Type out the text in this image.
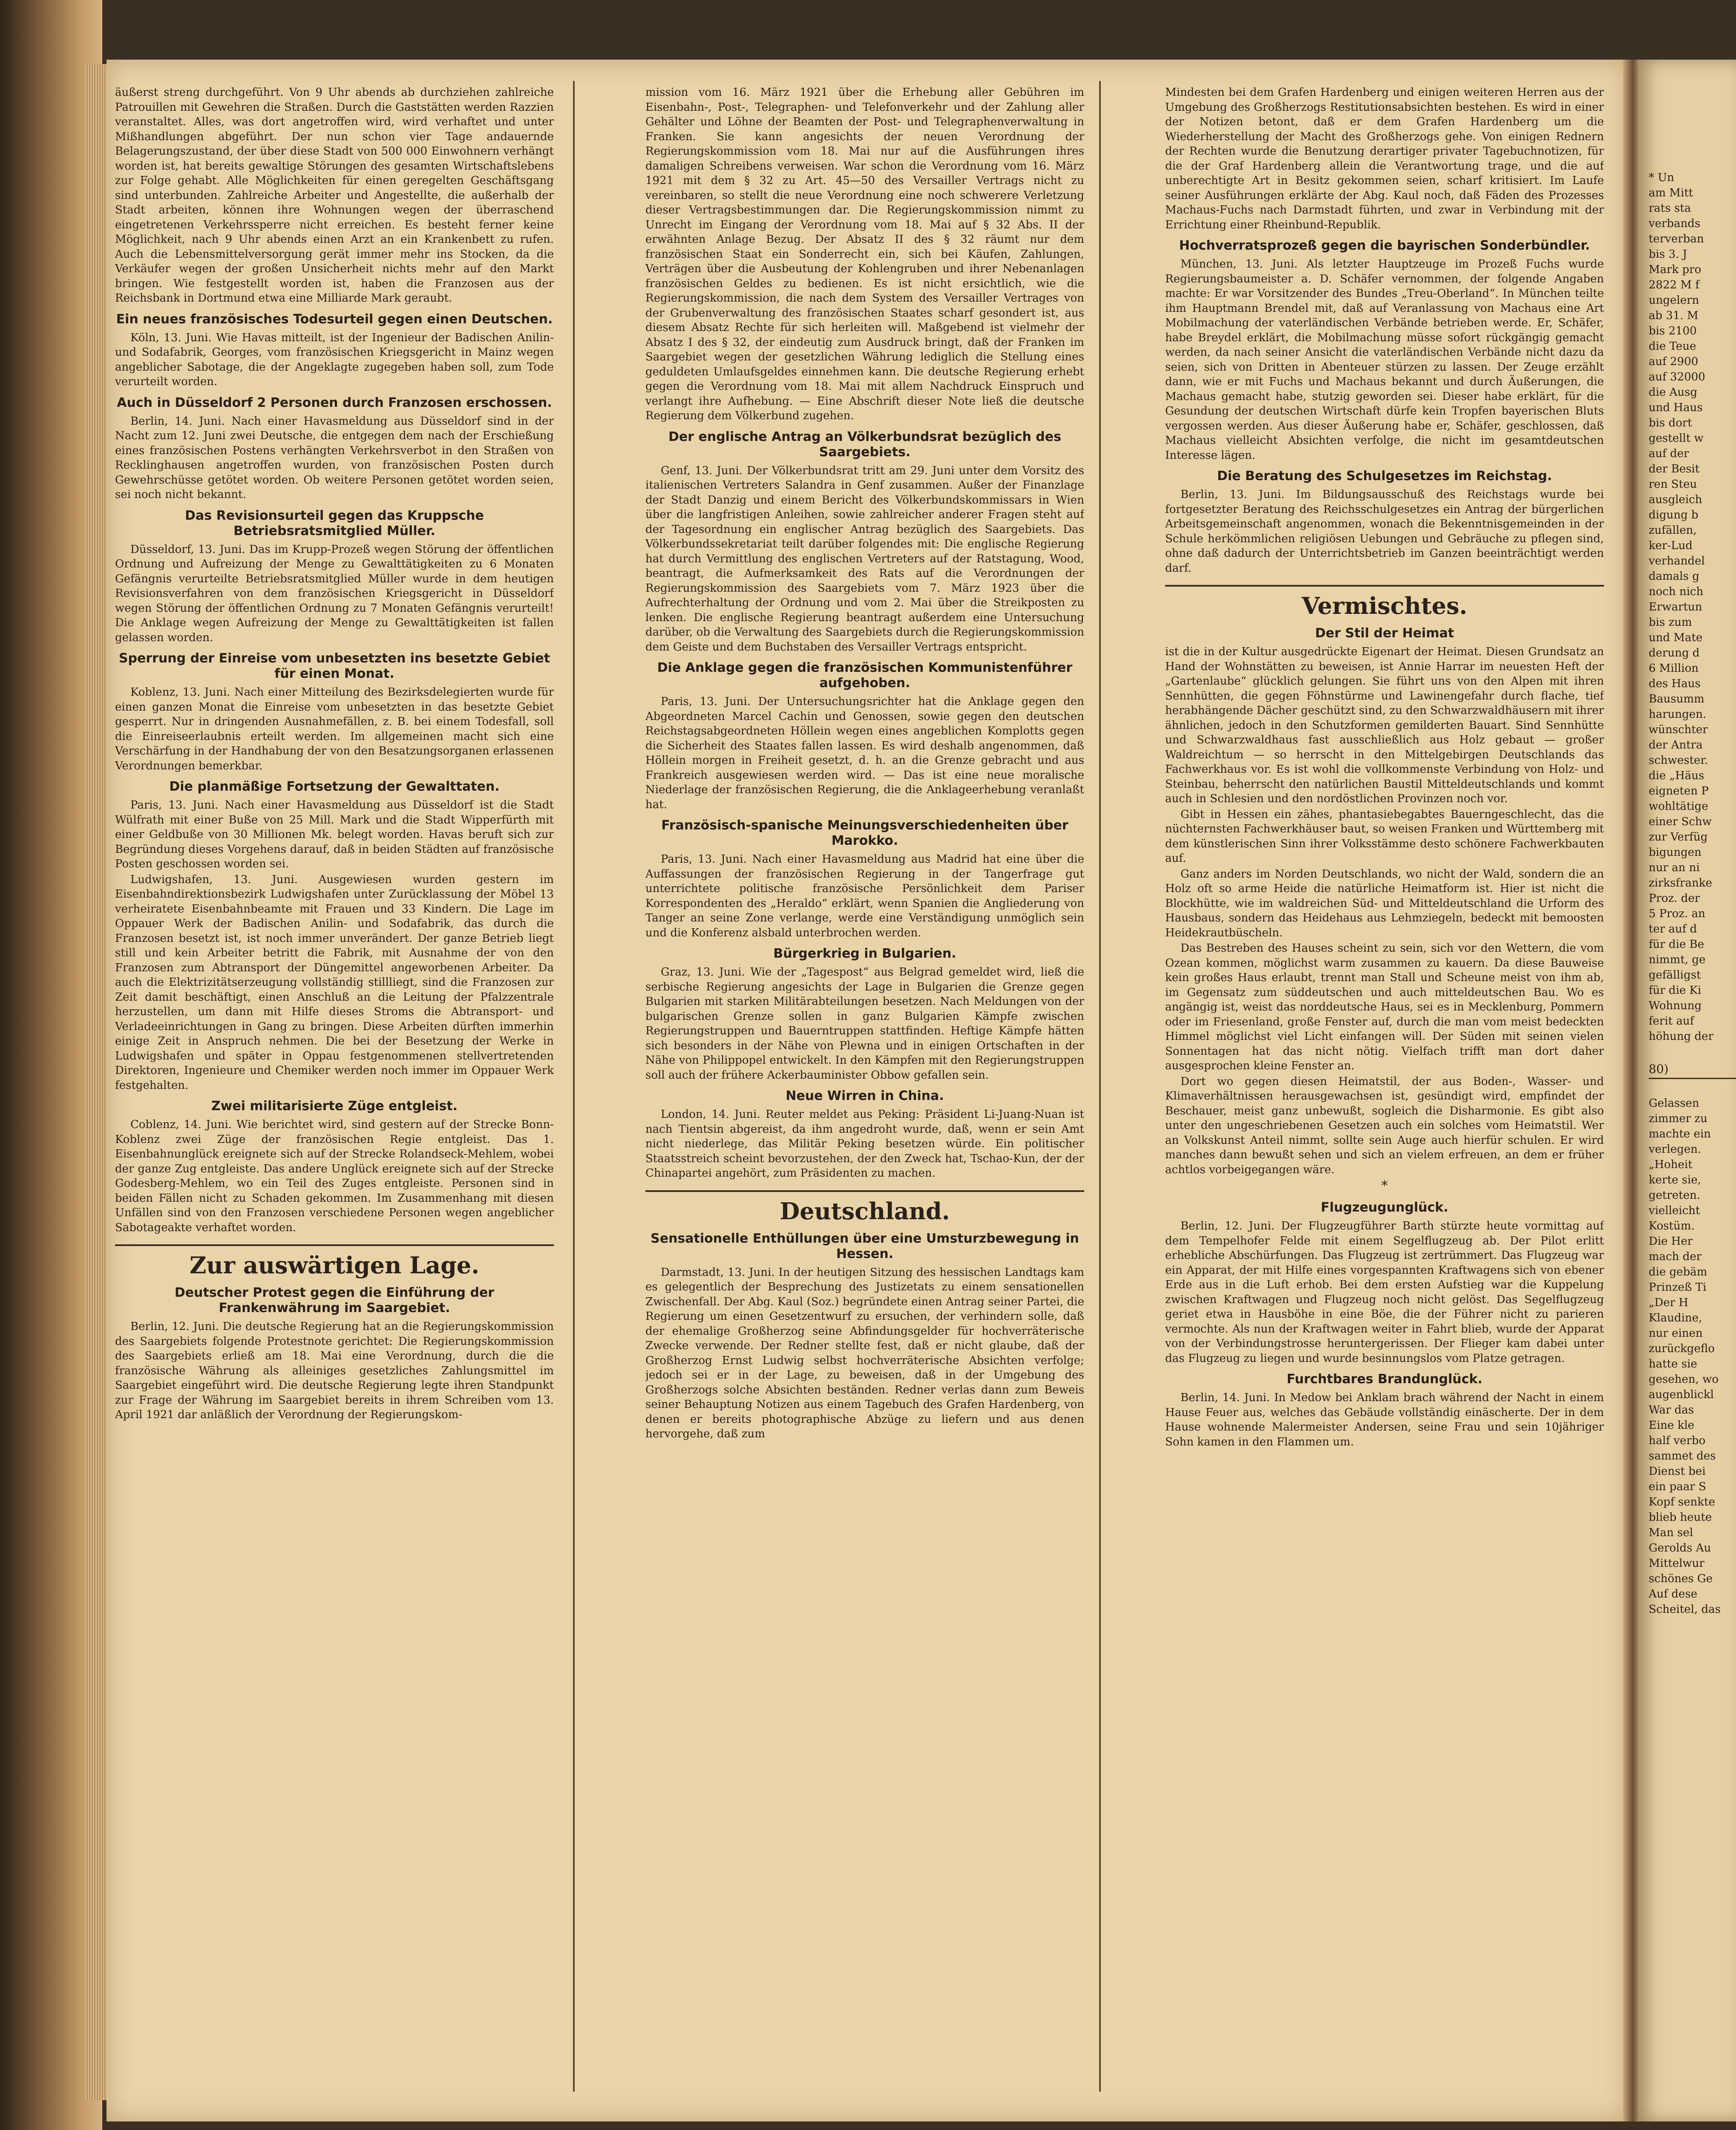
äußerst streng durchgeführt. Von 9 Uhr abends ab durchziehen zahlreiche Patrouillen mit Gewehren die Straßen. Durch die Gaststätten werden Razzien veranstaltet. Alles, was dort angetroffen wird, wird verhaftet und unter Mißhandlungen abgeführt. Der nun schon vier Tage andauernde Belagerungszustand, der über diese Stadt von 500 000 Einwohnern verhängt worden ist, hat bereits gewaltige Störungen des gesamten Wirtschaftslebens zur Folge gehabt. Alle Möglichkeiten für einen geregelten Geschäftsgang sind unterbunden. Zahlreiche Arbeiter und Angestellte, die außerhalb der Stadt arbeiten, können ihre Wohnungen wegen der überraschend eingetretenen Verkehrssperre nicht erreichen. Es besteht ferner keine Möglichkeit, nach 9 Uhr abends einen Arzt an ein Krankenbett zu rufen. Auch die Lebensmittelversorgung gerät immer mehr ins Stocken, da die Verkäufer wegen der großen Unsicherheit nichts mehr auf den Markt bringen. Wie festgestellt worden ist, haben die Franzosen aus der Reichsbank in Dortmund etwa eine Milliarde Mark geraubt.

Ein neues französisches Todesurteil gegen einen Deutschen.

Köln, 13. Juni. Wie Havas mitteilt, ist der Ingenieur der Badischen Anilin- und Sodafabrik, Georges, vom französischen Kriegsgericht in Mainz wegen angeblicher Sabotage, die der Angeklagte zugegeben haben soll, zum Tode verurteilt worden.

Auch in Düsseldorf 2 Personen durch Franzosen erschossen.

Berlin, 14. Juni. Nach einer Havasmeldung aus Düsseldorf sind in der Nacht zum 12. Juni zwei Deutsche, die entgegen dem nach der Erschießung eines französischen Postens verhängten Verkehrsverbot in den Straßen von Recklinghausen angetroffen wurden, von französischen Posten durch Gewehrschüsse getötet worden. Ob weitere Personen getötet worden seien, sei noch nicht bekannt.

Das Revisionsurteil gegen das Kruppsche Betriebsratsmitglied Müller.

Düsseldorf, 13. Juni. Das im Krupp-Prozeß wegen Störung der öffentlichen Ordnung und Aufreizung der Menge zu Gewalttätigkeiten zu 6 Monaten Gefängnis verurteilte Betriebsratsmitglied Müller wurde in dem heutigen Revisionsverfahren von dem französischen Kriegsgericht in Düsseldorf wegen Störung der öffentlichen Ordnung zu 7 Monaten Gefängnis verurteilt! Die Anklage wegen Aufreizung der Menge zu Gewalttätigkeiten ist fallen gelassen worden.

Sperrung der Einreise vom unbesetzten ins besetzte Gebiet für einen Monat.

Koblenz, 13. Juni. Nach einer Mitteilung des Bezirksdelegierten wurde für einen ganzen Monat die Einreise vom unbesetzten in das besetzte Gebiet gesperrt. Nur in dringenden Ausnahmefällen, z. B. bei einem Todesfall, soll die Einreiseerlaubnis erteilt werden. Im allgemeinen macht sich eine Verschärfung in der Handhabung der von den Besatzungsorganen erlassenen Verordnungen bemerkbar.

Die planmäßige Fortsetzung der Gewalttaten.

Paris, 13. Juni. Nach einer Havasmeldung aus Düsseldorf ist die Stadt Wülfrath mit einer Buße von 25 Mill. Mark und die Stadt Wipperfürth mit einer Geldbuße von 30 Millionen Mk. belegt worden. Havas beruft sich zur Begründung dieses Vorgehens darauf, daß in beiden Städten auf französische Posten geschossen worden sei.

Ludwigshafen, 13. Juni. Ausgewiesen wurden gestern im Eisenbahndirektionsbezirk Ludwigshafen unter Zurücklassung der Möbel 13 verheiratete Eisenbahnbeamte mit Frauen und 33 Kindern. Die Lage im Oppauer Werk der Badischen Anilin- und Sodafabrik, das durch die Franzosen besetzt ist, ist noch immer unverändert. Der ganze Betrieb liegt still und kein Arbeiter betritt die Fabrik, mit Ausnahme der von den Franzosen zum Abtransport der Düngemittel angeworbenen Arbeiter. Da auch die Elektrizitätserzeugung vollständig stillliegt, sind die Franzosen zur Zeit damit beschäftigt, einen Anschluß an die Leitung der Pfalzzentrale herzustellen, um dann mit Hilfe dieses Stroms die Abtransport- und Verladeeinrichtungen in Gang zu bringen. Diese Arbeiten dürften immerhin einige Zeit in Anspruch nehmen. Die bei der Besetzung der Werke in Ludwigshafen und später in Oppau festgenommenen stellvertretenden Direktoren, Ingenieure und Chemiker werden noch immer im Oppauer Werk festgehalten.

Zwei militarisierte Züge entgleist.

Coblenz, 14. Juni. Wie berichtet wird, sind gestern auf der Strecke Bonn-Koblenz zwei Züge der französischen Regie entgleist. Das 1. Eisenbahnunglück ereignete sich auf der Strecke Rolandseck-Mehlem, wobei der ganze Zug entgleiste. Das andere Unglück ereignete sich auf der Strecke Godesberg-Mehlem, wo ein Teil des Zuges entgleiste. Personen sind in beiden Fällen nicht zu Schaden gekommen. Im Zusammenhang mit diesen Unfällen sind von den Franzosen verschiedene Personen wegen angeblicher Sabotageakte verhaftet worden.

Zur auswärtigen Lage.
Deutscher Protest gegen die Einführung der Frankenwährung im Saargebiet.

Berlin, 12. Juni. Die deutsche Regierung hat an die Regierungskommission des Saargebiets folgende Protestnote gerichtet: Die Regierungskommission des Saargebiets erließ am 18. Mai eine Verordnung, durch die die französische Währung als alleiniges gesetzliches Zahlungsmittel im Saargebiet eingeführt wird. Die deutsche Regierung legte ihren Standpunkt zur Frage der Währung im Saargebiet bereits in ihrem Schreiben vom 13. April 1921 dar anläßlich der Verordnung der Regierungskom-

mission vom 16. März 1921 über die Erhebung aller Gebühren im Eisenbahn-, Post-, Telegraphen- und Telefonverkehr und der Zahlung aller Gehälter und Löhne der Beamten der Post- und Telegraphenverwaltung in Franken. Sie kann angesichts der neuen Verordnung der Regierungskommission vom 18. Mai nur auf die Ausführungen ihres damaligen Schreibens verweisen. War schon die Verordnung vom 16. März 1921 mit dem § 32 zu Art. 45—50 des Versailler Vertrags nicht zu vereinbaren, so stellt die neue Verordnung eine noch schwerere Verletzung dieser Vertragsbestimmungen dar. Die Regierungskommission nimmt zu Unrecht im Eingang der Verordnung vom 18. Mai auf § 32 Abs. II der erwähnten Anlage Bezug. Der Absatz II des § 32 räumt nur dem französischen Staat ein Sonderrecht ein, sich bei Käufen, Zahlungen, Verträgen über die Ausbeutung der Kohlengruben und ihrer Nebenanlagen französischen Geldes zu bedienen. Es ist nicht ersichtlich, wie die Regierungskommission, die nach dem System des Versailler Vertrages von der Grubenverwaltung des französischen Staates scharf gesondert ist, aus diesem Absatz Rechte für sich herleiten will. Maßgebend ist vielmehr der Absatz I des § 32, der eindeutig zum Ausdruck bringt, daß der Franken im Saargebiet wegen der gesetzlichen Währung lediglich die Stellung eines geduldeten Umlaufsgeldes einnehmen kann. Die deutsche Regierung erhebt gegen die Verordnung vom 18. Mai mit allem Nachdruck Einspruch und verlangt ihre Aufhebung. — Eine Abschrift dieser Note ließ die deutsche Regierung dem Völkerbund zugehen.

Der englische Antrag an Völkerbundsrat bezüglich des Saargebiets.

Genf, 13. Juni. Der Völkerbundsrat tritt am 29. Juni unter dem Vorsitz des italienischen Vertreters Salandra in Genf zusammen. Außer der Finanzlage der Stadt Danzig und einem Bericht des Völkerbundskommissars in Wien über die langfristigen Anleihen, sowie zahlreicher anderer Fragen steht auf der Tagesordnung ein englischer Antrag bezüglich des Saargebiets. Das Völkerbundssekretariat teilt darüber folgendes mit: Die englische Regierung hat durch Vermittlung des englischen Vertreters auf der Ratstagung, Wood, beantragt, die Aufmerksamkeit des Rats auf die Verordnungen der Regierungskommission des Saargebiets vom 7. März 1923 über die Aufrechterhaltung der Ordnung und vom 2. Mai über die Streikposten zu lenken. Die englische Regierung beantragt außerdem eine Untersuchung darüber, ob die Verwaltung des Saargebiets durch die Regierungskommission dem Geiste und dem Buchstaben des Versailler Vertrags entspricht.

Die Anklage gegen die französischen Kommunistenführer aufgehoben.

Paris, 13. Juni. Der Untersuchungsrichter hat die Anklage gegen den Abgeordneten Marcel Cachin und Genossen, sowie gegen den deutschen Reichstagsabgeordneten Höllein wegen eines angeblichen Komplotts gegen die Sicherheit des Staates fallen lassen. Es wird deshalb angenommen, daß Höllein morgen in Freiheit gesetzt, d. h. an die Grenze gebracht und aus Frankreich ausgewiesen werden wird. — Das ist eine neue moralische Niederlage der französischen Regierung, die die Anklageerhebung veranlaßt hat.

Französisch-spanische Meinungsverschiedenheiten über Marokko.

Paris, 13. Juni. Nach einer Havasmeldung aus Madrid hat eine über die Auffassungen der französischen Regierung in der Tangerfrage gut unterrichtete politische französische Persönlichkeit dem Pariser Korrespondenten des „Heraldo“ erklärt, wenn Spanien die Angliederung von Tanger an seine Zone verlange, werde eine Verständigung unmöglich sein und die Konferenz alsbald unterbrochen werden.

Bürgerkrieg in Bulgarien.

Graz, 13. Juni. Wie der „Tagespost“ aus Belgrad gemeldet wird, ließ die serbische Regierung angesichts der Lage in Bulgarien die Grenze gegen Bulgarien mit starken Militärabteilungen besetzen. Nach Meldungen von der bulgarischen Grenze sollen in ganz Bulgarien Kämpfe zwischen Regierungstruppen und Bauerntruppen stattfinden. Heftige Kämpfe hätten sich besonders in der Nähe von Plewna und in einigen Ortschaften in der Nähe von Philippopel entwickelt. In den Kämpfen mit den Regierungstruppen soll auch der frühere Ackerbauminister Obbow gefallen sein.

Neue Wirren in China.

London, 14. Juni. Reuter meldet aus Peking: Präsident Li-Juang-Nuan ist nach Tientsin abgereist, da ihm angedroht wurde, daß, wenn er sein Amt nicht niederlege, das Militär Peking besetzen würde. Ein politischer Staatsstreich scheint bevorzustehen, der den Zweck hat, Tschao-Kun, der der Chinapartei angehört, zum Präsidenten zu machen.

Deutschland.
Sensationelle Enthüllungen über eine Umsturzbewegung in Hessen.

Darmstadt, 13. Juni. In der heutigen Sitzung des hessischen Landtags kam es gelegentlich der Besprechung des Justizetats zu einem sensationellen Zwischenfall. Der Abg. Kaul (Soz.) begründete einen Antrag seiner Partei, die Regierung um einen Gesetzentwurf zu ersuchen, der verhindern solle, daß der ehemalige Großherzog seine Abfindungsgelder für hochverräterische Zwecke verwende. Der Redner stellte fest, daß er nicht glaube, daß der Großherzog Ernst Ludwig selbst hochverräterische Absichten verfolge; jedoch sei er in der Lage, zu beweisen, daß in der Umgebung des Großherzogs solche Absichten beständen. Redner verlas dann zum Beweis seiner Behauptung Notizen aus einem Tagebuch des Grafen Hardenberg, von denen er bereits photographische Abzüge zu liefern und aus denen hervorgehe, daß zum

Mindesten bei dem Grafen Hardenberg und einigen weiteren Herren aus der Umgebung des Großherzogs Restitutionsabsichten bestehen. Es wird in einer der Notizen betont, daß er dem Grafen Hardenberg um die Wiederherstellung der Macht des Großherzogs gehe. Von einigen Rednern der Rechten wurde die Benutzung derartiger privater Tagebuchnotizen, für die der Graf Hardenberg allein die Verantwortung trage, und die auf unberechtigte Art in Besitz gekommen seien, scharf kritisiert. Im Laufe seiner Ausführungen erklärte der Abg. Kaul noch, daß Fäden des Prozesses Machaus-Fuchs nach Darmstadt führten, und zwar in Verbindung mit der Errichtung einer Rheinbund-Republik.

Hochverratsprozeß gegen die bayrischen Sonderbündler.

München, 13. Juni. Als letzter Hauptzeuge im Prozeß Fuchs wurde Regierungsbaumeister a. D. Schäfer vernommen, der folgende Angaben machte: Er war Vorsitzender des Bundes „Treu-Oberland“. In München teilte ihm Hauptmann Brendel mit, daß auf Veranlassung von Machaus eine Art Mobilmachung der vaterländischen Verbände betrieben werde. Er, Schäfer, habe Breydel erklärt, die Mobilmachung müsse sofort rückgängig gemacht werden, da nach seiner Ansicht die vaterländischen Verbände nicht dazu da seien, sich von Dritten in Abenteuer stürzen zu lassen. Der Zeuge erzählt dann, wie er mit Fuchs und Machaus bekannt und durch Äußerungen, die Machaus gemacht habe, stutzig geworden sei. Dieser habe erklärt, für die Gesundung der deutschen Wirtschaft dürfe kein Tropfen bayerischen Bluts vergossen werden. Aus dieser Äußerung habe er, Schäfer, geschlossen, daß Machaus vielleicht Absichten verfolge, die nicht im gesamtdeutschen Interesse lägen.

Die Beratung des Schulgesetzes im Reichstag.

Berlin, 13. Juni. Im Bildungsausschuß des Reichstags wurde bei fortgesetzter Beratung des Reichsschulgesetzes ein Antrag der bürgerlichen Arbeitsgemeinschaft angenommen, wonach die Bekenntnisgemeinden in der Schule herkömmlichen religiösen Uebungen und Gebräuche zu pflegen sind, ohne daß dadurch der Unterrichtsbetrieb im Ganzen beeinträchtigt werden darf.

Vermischtes.
Der Stil der Heimat

ist die in der Kultur ausgedrückte Eigenart der Heimat. Diesen Grundsatz an Hand der Wohnstätten zu beweisen, ist Annie Harrar im neuesten Heft der „Gartenlaube“ glücklich gelungen. Sie führt uns von den Alpen mit ihren Sennhütten, die gegen Föhnstürme und Lawinengefahr durch flache, tief herabhängende Dächer geschützt sind, zu den Schwarzwaldhäusern mit ihrer ähnlichen, jedoch in den Schutzformen gemilderten Bauart. Sind Sennhütte und Schwarzwaldhaus fast ausschließlich aus Holz gebaut — großer Waldreichtum — so herrscht in den Mittelgebirgen Deutschlands das Fachwerkhaus vor. Es ist wohl die vollkommenste Verbindung von Holz- und Steinbau, beherrscht den natürlichen Baustil Mitteldeutschlands und kommt auch in Schlesien und den nordöstlichen Provinzen noch vor.

Gibt in Hessen ein zähes, phantasiebegabtes Bauerngeschlecht, das die nüchternsten Fachwerkhäuser baut, so weisen Franken und Württemberg mit dem künstlerischen Sinn ihrer Volksstämme desto schönere Fachwerkbauten auf.

Ganz anders im Norden Deutschlands, wo nicht der Wald, sondern die an Holz oft so arme Heide die natürliche Heimatform ist. Hier ist nicht die Blockhütte, wie im waldreichen Süd- und Mitteldeutschland die Urform des Hausbaus, sondern das Heidehaus aus Lehmziegeln, bedeckt mit bemoosten Heidekrautbüscheln.

Das Bestreben des Hauses scheint zu sein, sich vor den Wettern, die vom Ozean kommen, möglichst warm zusammen zu kauern. Da diese Bauweise kein großes Haus erlaubt, trennt man Stall und Scheune meist von ihm ab, im Gegensatz zum süddeutschen und auch mitteldeutschen Bau. Wo es angängig ist, weist das norddeutsche Haus, sei es in Mecklenburg, Pommern oder im Friesenland, große Fenster auf, durch die man vom meist bedeckten Himmel möglichst viel Licht einfangen will. Der Süden mit seinen vielen Sonnentagen hat das nicht nötig. Vielfach trifft man dort daher ausgesprochen kleine Fenster an.

Dort wo gegen diesen Heimatstil, der aus Boden-, Wasser- und Klimaverhältnissen herausgewachsen ist, gesündigt wird, empfindet der Beschauer, meist ganz unbewußt, sogleich die Disharmonie. Es gibt also unter den ungeschriebenen Gesetzen auch ein solches vom Heimatstil. Wer an Volkskunst Anteil nimmt, sollte sein Auge auch hierfür schulen. Er wird manches dann bewußt sehen und sich an vielem erfreuen, an dem er früher achtlos vorbeigegangen wäre.

*
Flugzeugunglück.

Berlin, 12. Juni. Der Flugzeugführer Barth stürzte heute vormittag auf dem Tempelhofer Felde mit einem Segelflugzeug ab. Der Pilot erlitt erhebliche Abschürfungen. Das Flugzeug ist zertrümmert. Das Flugzeug war ein Apparat, der mit Hilfe eines vorgespannten Kraftwagens sich von ebener Erde aus in die Luft erhob. Bei dem ersten Aufstieg war die Kuppelung zwischen Kraftwagen und Flugzeug noch nicht gelöst. Das Segelflugzeug geriet etwa in Hausböhe in eine Böe, die der Führer nicht zu parieren vermochte. Als nun der Kraftwagen weiter in Fahrt blieb, wurde der Apparat von der Verbindungstrosse heruntergerissen. Der Flieger kam dabei unter das Flugzeug zu liegen und wurde besinnungslos vom Platze getragen.

Furchtbares Brandunglück.

Berlin, 14. Juni. In Medow bei Anklam brach während der Nacht in einem Hause Feuer aus, welches das Gebäude vollständig einäscherte. Der in dem Hause wohnende Malermeister Andersen, seine Frau und sein 10jähriger Sohn kamen in den Flammen um.

* Un
am Mitt
rats sta
verbands
terverban
bis 3. J
Mark pro
2822 M f
ungelern
ab 31. M
bis 2100
die Teue
auf 2900
auf 32000
die Ausg
und Haus
bis dort
gestellt w
auf der
der Besit
ren Steu
ausgleich
digung b
zufällen,
ker-Lud
verhandel
damals g
noch nich
Erwartun
bis zum
und Mate
derung d
6 Million
des Haus
Bausumm
harungen.
wünschter
der Antra
schwester.
die „Häus
eigneten P
wohltätige
einer Schw
zur Verfüg
bigungen
nur an ni
zirksfranke
Proz. der
5 Proz. an
ter auf d
für die Be
nimmt, ge
gefälligst
für die Ki
Wohnung
ferit auf
höhung der
80)
Gelassen
zimmer zu
machte ein
verlegen.
„Hoheit
kerte sie,
getreten.
vielleicht
Kostüm.
Die Her
mach der
die gebäm
Prinzeß Ti
„Der H
Klaudine,
nur einen
zurückgeflo
hatte sie
gesehen, wo
augenblickl
War das
Eine kle
half verbo
sammet des
Dienst bei
ein paar S
Kopf senkte
blieb heute
Man sel
Gerolds Au
Mittelwur
schönes Ge
Auf dese
Scheitel, das
